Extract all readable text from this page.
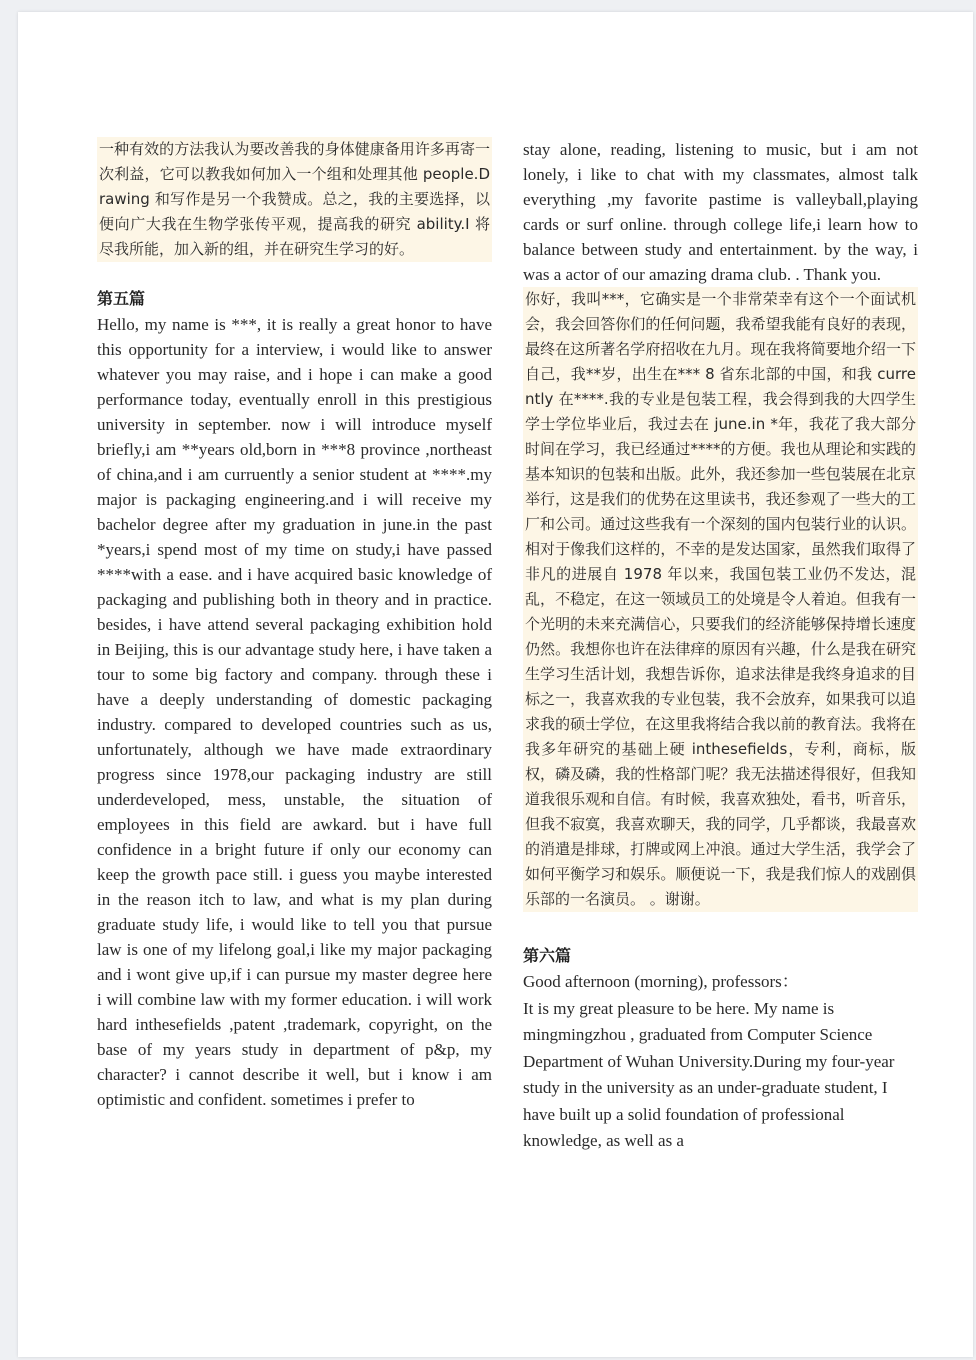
一种有效的方法我认为要改善我的身体健康备用许多再寄一次利益，它可以教我如何加入一个组和处理其他 people.Drawing 和写作是另一个我赞成。总之，我的主要选择，以便向广大我在生物学张传平观，提高我的研究 ability.I 将尽我所能，加入新的组，并在研究生学习的好。
第五篇

Hello, my name is ***, it is really a great honor to have this opportunity for a interview, i would like to answer whatever you may raise, and i hope i can make a good performance today, eventually enroll in this prestigious university in september. now i will introduce myself briefly,i am **years old,born in ***8 province ,northeast of china,and i am curruently a senior student at ****.my major is packaging engineering.and i will receive my bachelor degree after my graduation in june.in the past *years,i spend most of my time on study,i have passed ****with a ease. and i have acquired basic knowledge of packaging and publishing both in theory and in practice. besides, i have attend several packaging exhibition hold in Beijing, this is our advantage study here, i have taken a tour to some big factory and company. through these i have a deeply understanding of domestic packaging industry. compared to developed countries such as us, unfortunately, although we have made extraordinary progress since 1978,our packaging industry are still underdeveloped, mess, unstable, the situation of employees in this field are awkard. but i have full confidence in a bright future if only our economy can keep the growth pace still. i guess you maybe interested in the reason itch to law, and what is my plan during graduate study life, i would like to tell you that pursue law is one of my lifelong goal,i like my major packaging and i wont give up,if i can pursue my master degree here i will combine law with my former education. i will work hard inthesefields ,patent ,trademark, copyright, on the base of my years study in department of p&p, my character? i cannot describe it well, but i know i am optimistic and confident. sometimes i prefer to

stay alone, reading, listening to music, but i am not lonely, i like to chat with my classmates, almost talk everything ,my favorite pastime is valleyball,playing cards or surf online. through college life,i learn how to balance between study and entertainment. by the way, i was a actor of our amazing drama club. . Thank you.

你好，我叫***，它确实是一个非常荣幸有这个一个面试机会，我会回答你们的任何问题，我希望我能有良好的表现，最终在这所著名学府招收在九月。现在我将简要地介绍一下自己，我**岁，出生在*** 8 省东北部的中国，和我 currently 在****.我的专业是包装工程，我会得到我的大四学生学士学位毕业后，我过去在 june.in *年，我花了我大部分时间在学习，我已经通过****的方便。我也从理论和实践的基本知识的包装和出版。此外，我还参加一些包装展在北京举行，这是我们的优势在这里读书，我还参观了一些大的工厂和公司。通过这些我有一个深刻的国内包装行业的认识。相对于像我们这样的，不幸的是发达国家，虽然我们取得了非凡的进展自 1978 年以来，我国包装工业仍不发达，混乱，不稳定，在这一领域员工的处境是令人着迫。但我有一个光明的未来充满信心，只要我们的经济能够保持增长速度仍然。我想你也许在法律痒的原因有兴趣，什么是我在研究生学习生活计划，我想告诉你，追求法律是我终身追求的目标之一，我喜欢我的专业包装，我不会放弃，如果我可以追求我的硕士学位，在这里我将结合我以前的教育法。我将在我多年研究的基础上硬 inthesefields，专利，商标，版权，磷及磷，我的性格部门呢？我无法描述得很好，但我知道我很乐观和自信。有时候，我喜欢独处，看书，听音乐，但我不寂寞，我喜欢聊天，我的同学，几乎都谈，我最喜欢的消遣是排球，打牌或网上冲浪。通过大学生活，我学会了如何平衡学习和娱乐。顺便说一下，我是我们惊人的戏剧俱乐部的一名演员。 。谢谢。
第六篇

Good afternoon (morning), professors：

It is my great pleasure to be here. My name is mingmingzhou , graduated from Computer Science Department of Wuhan University.During my four-year study in the university as an under-graduate student, I have built up a solid foundation of professional knowledge, as well as a
